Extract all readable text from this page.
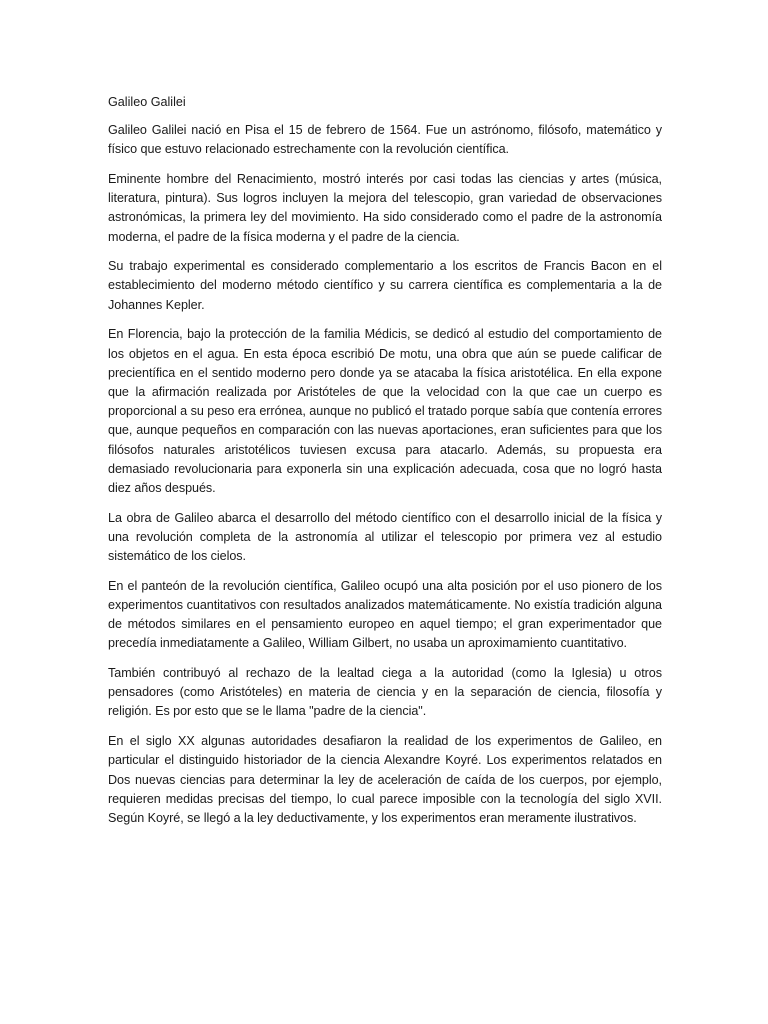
Galileo Galilei

Galileo Galilei nació en Pisa el 15 de febrero de 1564. Fue un astrónomo, filósofo, matemático y físico que estuvo relacionado estrechamente con la revolución científica.

Eminente hombre del Renacimiento, mostró interés por casi todas las ciencias y artes (música, literatura, pintura). Sus logros incluyen la mejora del telescopio, gran variedad de observaciones astronómicas, la primera ley del movimiento. Ha sido considerado como el padre de la astronomía moderna, el padre de la física moderna y el padre de la ciencia.

Su trabajo experimental es considerado complementario a los escritos de Francis Bacon en el establecimiento del moderno método científico y su carrera científica es complementaria a la de Johannes Kepler.

En Florencia, bajo la protección de la familia Médicis, se dedicó al estudio del comportamiento de los objetos en el agua. En esta época escribió De motu, una obra que aún se puede calificar de precientífica en el sentido moderno pero donde ya se atacaba la física aristotélica. En ella expone que la afirmación realizada por Aristóteles de que la velocidad con la que cae un cuerpo es proporcional a su peso era errónea, aunque no publicó el tratado porque sabía que contenía errores que, aunque pequeños en comparación con las nuevas aportaciones, eran suficientes para que los filósofos naturales aristotélicos tuviesen excusa para atacarlo. Además, su propuesta era demasiado revolucionaria para exponerla sin una explicación adecuada, cosa que no logró hasta diez años después.

La obra de Galileo abarca el desarrollo del método científico con el desarrollo inicial de la física y una revolución completa de la astronomía al utilizar el telescopio por primera vez al estudio sistemático de los cielos.

En el panteón de la revolución científica, Galileo ocupó una alta posición por el uso pionero de los experimentos cuantitativos con resultados analizados matemáticamente. No existía tradición alguna de métodos similares en el pensamiento europeo en aquel tiempo; el gran experimentador que precedía inmediatamente a Galileo, William Gilbert, no usaba un aproximamiento cuantitativo.

También contribuyó al rechazo de la lealtad ciega a la autoridad (como la Iglesia) u otros pensadores (como Aristóteles) en materia de ciencia y en la separación de ciencia, filosofía y religión. Es por esto que se le llama "padre de la ciencia".

En el siglo XX algunas autoridades desafiaron la realidad de los experimentos de Galileo, en particular el distinguido historiador de la ciencia Alexandre Koyré. Los experimentos relatados en Dos nuevas ciencias para determinar la ley de aceleración de caída de los cuerpos, por ejemplo, requieren medidas precisas del tiempo, lo cual parece imposible con la tecnología del siglo XVII. Según Koyré, se llegó a la ley deductivamente, y los experimentos eran meramente ilustrativos.
